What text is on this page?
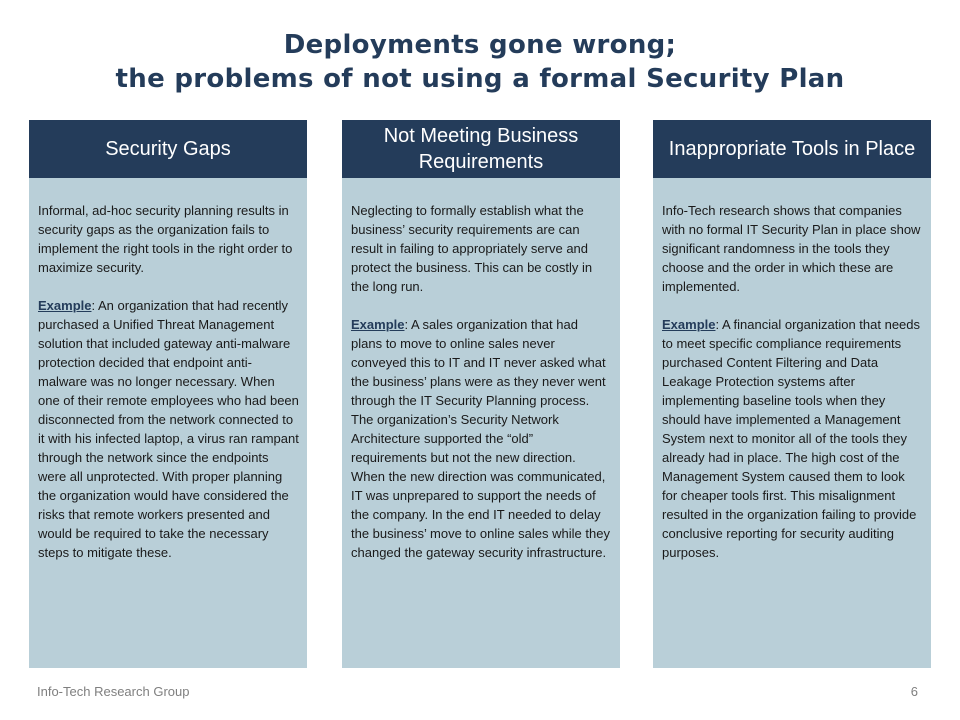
Deployments gone wrong;
the problems of not using a formal Security Plan
Security Gaps

Informal, ad-hoc security planning results in security gaps as the organization fails to implement the right tools in the right order to maximize security.

Example: An organization that had recently purchased a Unified Threat Management solution that included gateway anti-malware protection decided that endpoint anti-malware was no longer necessary. When one of their remote employees who had been disconnected from the network connected to it with his infected laptop, a virus ran rampant through the network since the endpoints were all unprotected. With proper planning the organization would have considered the risks that remote workers presented and would be required to take the necessary steps to mitigate these.

Not Meeting Business Requirements

Neglecting to formally establish what the business’ security requirements are can result in failing to appropriately serve and protect the business. This can be costly in the long run.

Example: A sales organization that had plans to move to online sales never conveyed this to IT and IT never asked what the business’ plans were as they never went through the IT Security Planning process. The organization’s Security Network Architecture supported the “old” requirements but not the new direction. When the new direction was communicated, IT was unprepared to support the needs of the company. In the end IT needed to delay the business’ move to online sales while they changed the gateway security infrastructure.

Inappropriate Tools in Place

Info-Tech research shows that companies with no formal IT Security Plan in place show significant randomness in the tools they choose and the order in which these are implemented.

Example: A financial organization that needs to meet specific compliance requirements purchased Content Filtering and Data Leakage Protection systems after implementing baseline tools when they should have implemented a Management System next to monitor all of the tools they already had in place. The high cost of the Management System caused them to look for cheaper tools first. This misalignment resulted in the organization failing to provide conclusive reporting for security auditing purposes.

Info-Tech Research Group	6
